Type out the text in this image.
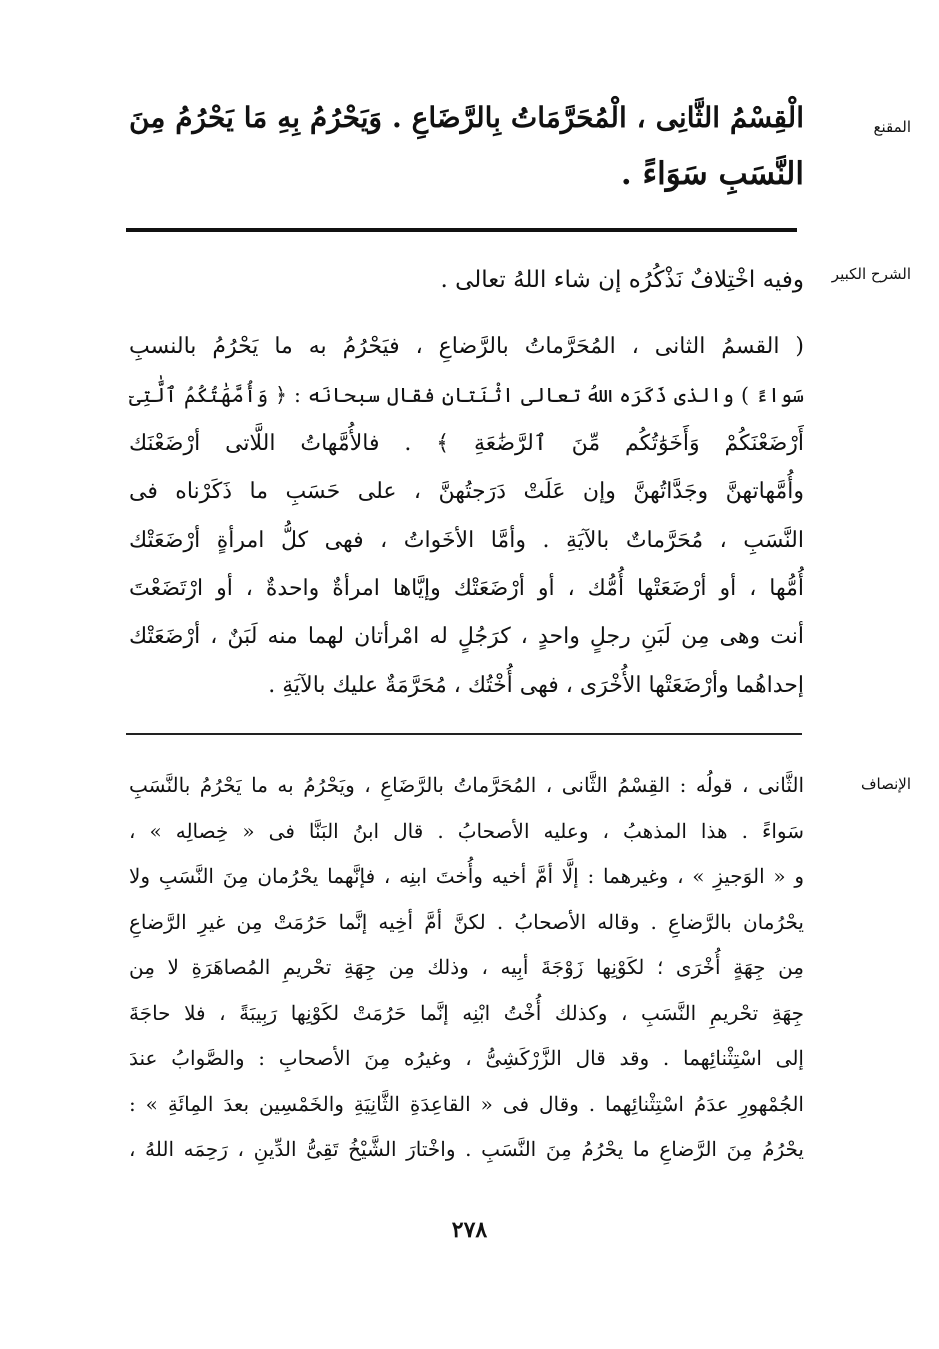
المقنع
الْقِسْمُ الثَّانِى ، الْمُحَرَّمَاتُ بِالرَّضَاعِ . وَيَحْرُمُ بِهِ مَا يَحْرُمُ مِنَ
النَّسَبِ سَوَاءً .
الشرح الكبير
وفيه اخْتِلافٌ نَذْكُرُه إن شاء اللهُ تعالى .
( القسمُ الثانى ، المُحَرَّماتُ بالرَّضاعِ ، فيَحْرُمُ به ما يَحْرُمُ بالنسبِ
سَواءً ) والذى ذَكَرَه اللهُ تعالى اثْنَتان فقال سبحانَه : ﴿ وَأُمَّهَٰتُكُمُ ٱلَّٰتِىٓ
أَرْضَعْنَكُمْ وَأَخَوَٰتُكُم مِّنَ ٱلرَّضَٰعَةِ ﴾ . فالأُمَّهاتُ اللَّاتى أرْضَعْنَك
وأُمَّهاتهنَّ وجَدَّاتُهنَّ وإن عَلَتْ دَرَجتُهنَّ ، على حَسَبِ ما ذَكَرْناه فى
النَّسَبِ ، مُحَرَّماتٌ بالآيَةِ . وأمَّا الأخَواتُ ، فهى كلُّ امرأةٍ أرْضَعَتْك
أُمُّها ، أو أرْضَعَتْها أُمُّك ، أو أرْضَعَتْك وإيَّاها امرأةٌ واحدةٌ ، أو ارْتَضَعْتَ
أنت وهى مِن لَبَنِ رجلٍ واحدٍ ، كرَجُلٍ له امْرأتان لهما منه لَبَنٌ ، أرْضَعَتْك
إحداهُما وأرْضَعَتْها الأُخْرَى ، فهى أُخْتُك ، مُحَرَّمَةٌ عليك بالآيَةِ .
الإنصاف
الثَّانى ، قولُه : القِسْمُ الثَّانى ، المُحَرَّماتُ بالرَّضَاعِ ، ويَحْرُمُ به ما يَحْرُمُ بالنَّسَبِ
سَواءً . هذا المذهبُ ، وعليه الأصحابُ . قال ابنُ البَنَّا فى « خِصالِه » ،
و « الوَجيزِ » ، وغيرهما : إلَّا أمَّ أخيه وأُختَ ابنِه ، فإنَّهما يحْرُمان مِنَ النَّسَبِ ولا
يحْرُمان بالرَّضاعِ . وقاله الأصحابُ . لكنَّ أمَّ أخِيه إنَّما حَرُمَتْ مِن غيرِ الرَّضاعِ
مِن جِهَةٍ أُخْرَى ؛ لكَوْنِها زَوْجَةَ أبِيه ، وذلك مِن جِهَةِ تحْريمِ المُصاهَرَةِ لا مِن
جِهَةِ تحْريمِ النَّسَبِ ، وكذلك أُخْتُ ابْنِه إنَّما حَرُمَتْ لكَوْنِها رَبِيبَةً ، فلا حاجَةَ
إلى اسْتِثْنائِهما . وقد قال الزَّرْكَشِىُّ ، وغيرُه مِنَ الأصحابِ : والصَّوابُ عندَ
الجُمْهورِ عدَمُ اسْتِثْنائِهما . وقال فى « القاعِدَةِ الثَّانِيَةِ والخَمْسِين بعدَ المِائَةِ » :
يحْرُمُ مِنَ الرَّضاعِ ما يحْرُمُ مِنَ النَّسَبِ . واخْتارَ الشَّيْخُ تَقِىُّ الدِّينِ ، رَحِمَه اللهُ ،
٢٧٨
